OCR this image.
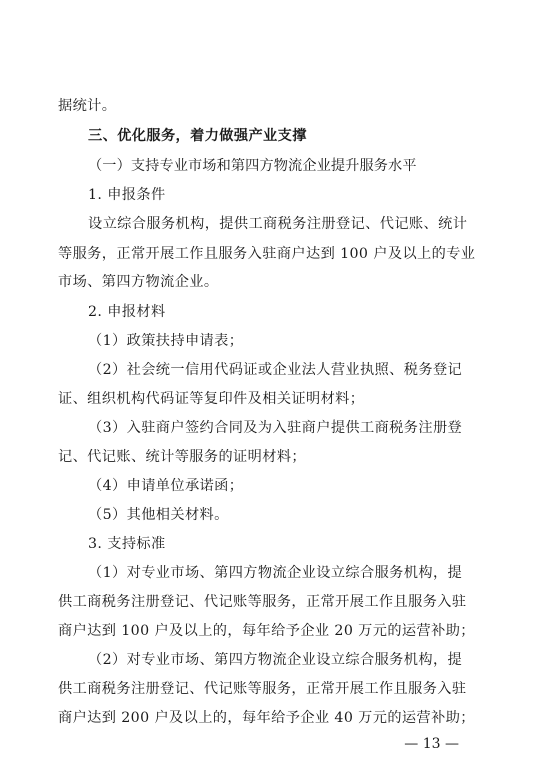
据统计。
三、优化服务，着力做强产业支撑
（一）支持专业市场和第四方物流企业提升服务水平
1. 申报条件
设立综合服务机构，提供工商税务注册登记、代记账、统计
等服务，正常开展工作且服务入驻商户达到 100 户及以上的专业
市场、第四方物流企业。
2. 申报材料
（1）政策扶持申请表；
（2）社会统一信用代码证或企业法人营业执照、税务登记
证、组织机构代码证等复印件及相关证明材料；
（3）入驻商户签约合同及为入驻商户提供工商税务注册登
记、代记账、统计等服务的证明材料；
（4）申请单位承诺函；
（5）其他相关材料。
3. 支持标准
（1）对专业市场、第四方物流企业设立综合服务机构，提
供工商税务注册登记、代记账等服务，正常开展工作且服务入驻
商户达到 100 户及以上的，每年给予企业 20 万元的运营补助；
（2）对专业市场、第四方物流企业设立综合服务机构，提
供工商税务注册登记、代记账等服务，正常开展工作且服务入驻
商户达到 200 户及以上的，每年给予企业 40 万元的运营补助；
— 13 —
